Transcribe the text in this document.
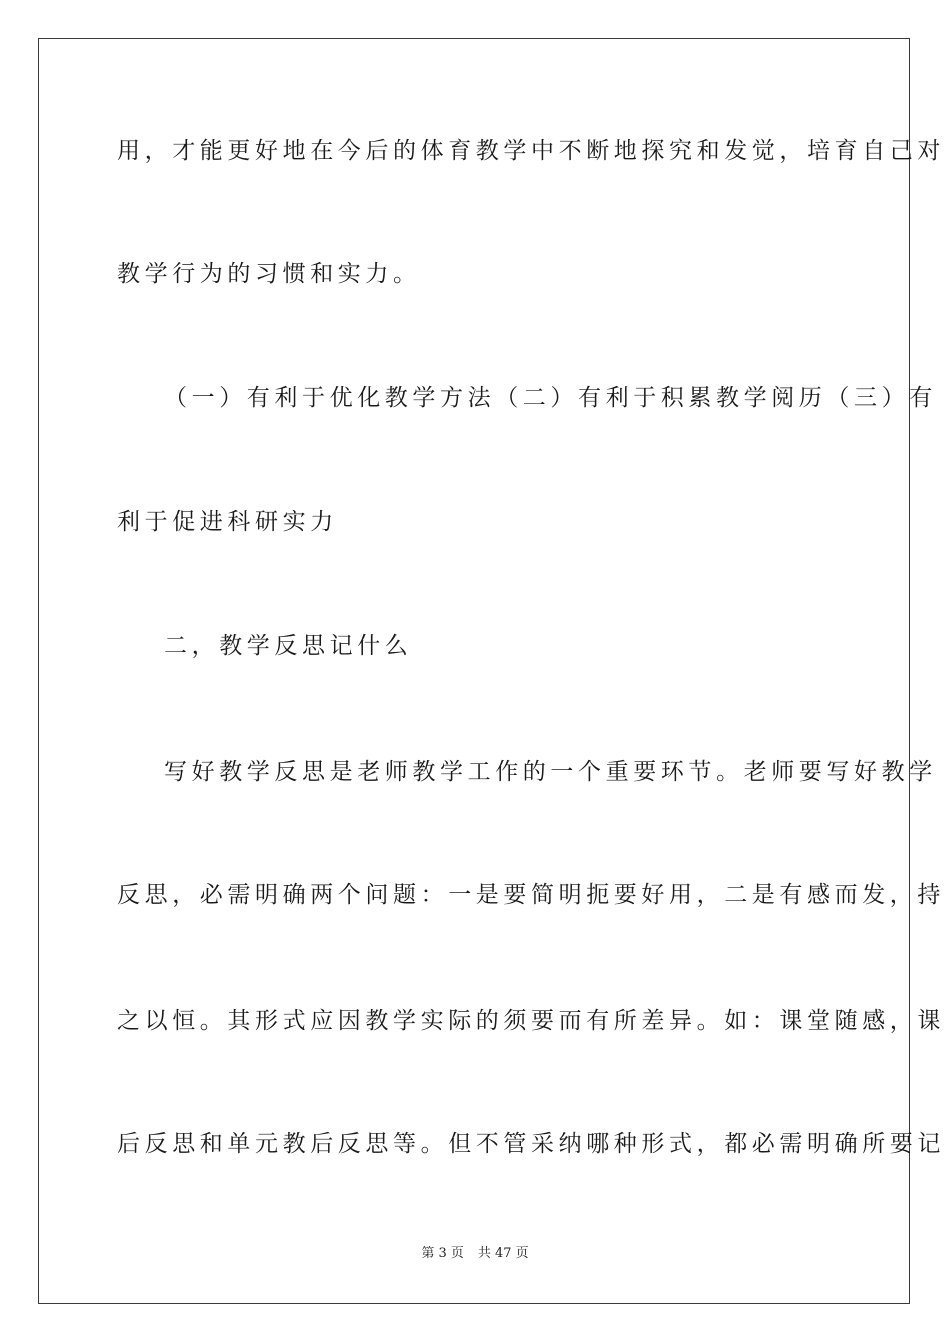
用，才能更好地在今后的体育教学中不断地探究和发觉，培育自己对
教学行为的习惯和实力。
（一）有利于优化教学方法（二）有利于积累教学阅历（三）有
利于促进科研实力
二，教学反思记什么
写好教学反思是老师教学工作的一个重要环节。老师要写好教学
反思，必需明确两个问题：一是要简明扼要好用，二是有感而发，持
之以恒。其形式应因教学实际的须要而有所差异。如：课堂随感，课
后反思和单元教后反思等。但不管采纳哪种形式，都必需明确所要记
第 3 页 共 47 页
